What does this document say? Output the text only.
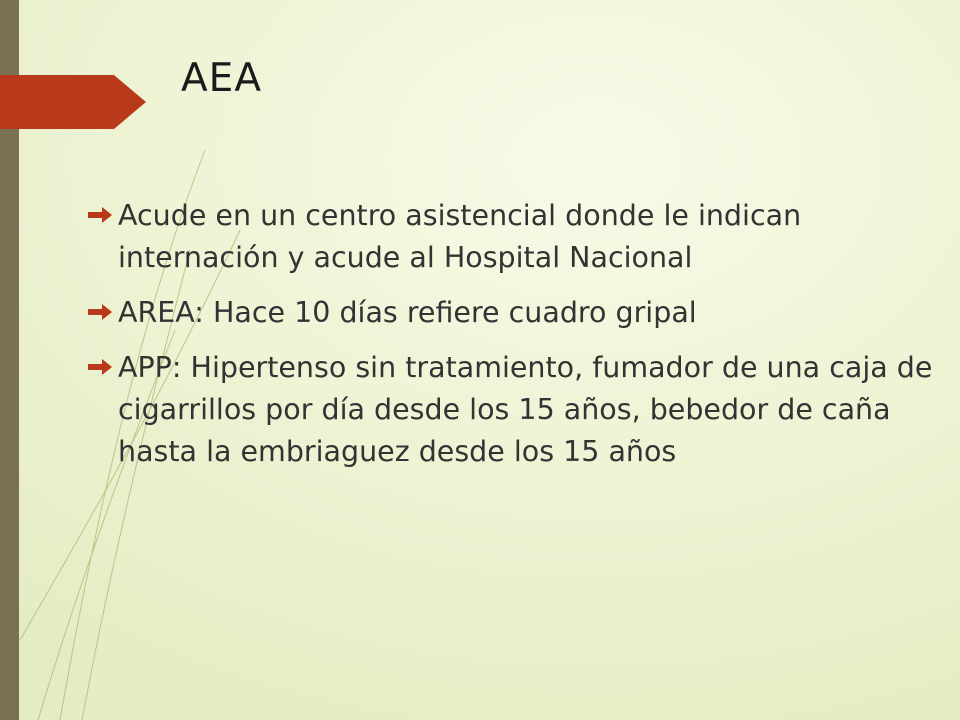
AEA
Acude en un centro asistencial donde le indican internación y acude al Hospital Nacional
AREA: Hace 10 días refiere cuadro gripal
APP: Hipertenso sin tratamiento, fumador de una caja de cigarrillos por día desde los 15 años, bebedor de caña hasta la embriaguez desde los 15 años
